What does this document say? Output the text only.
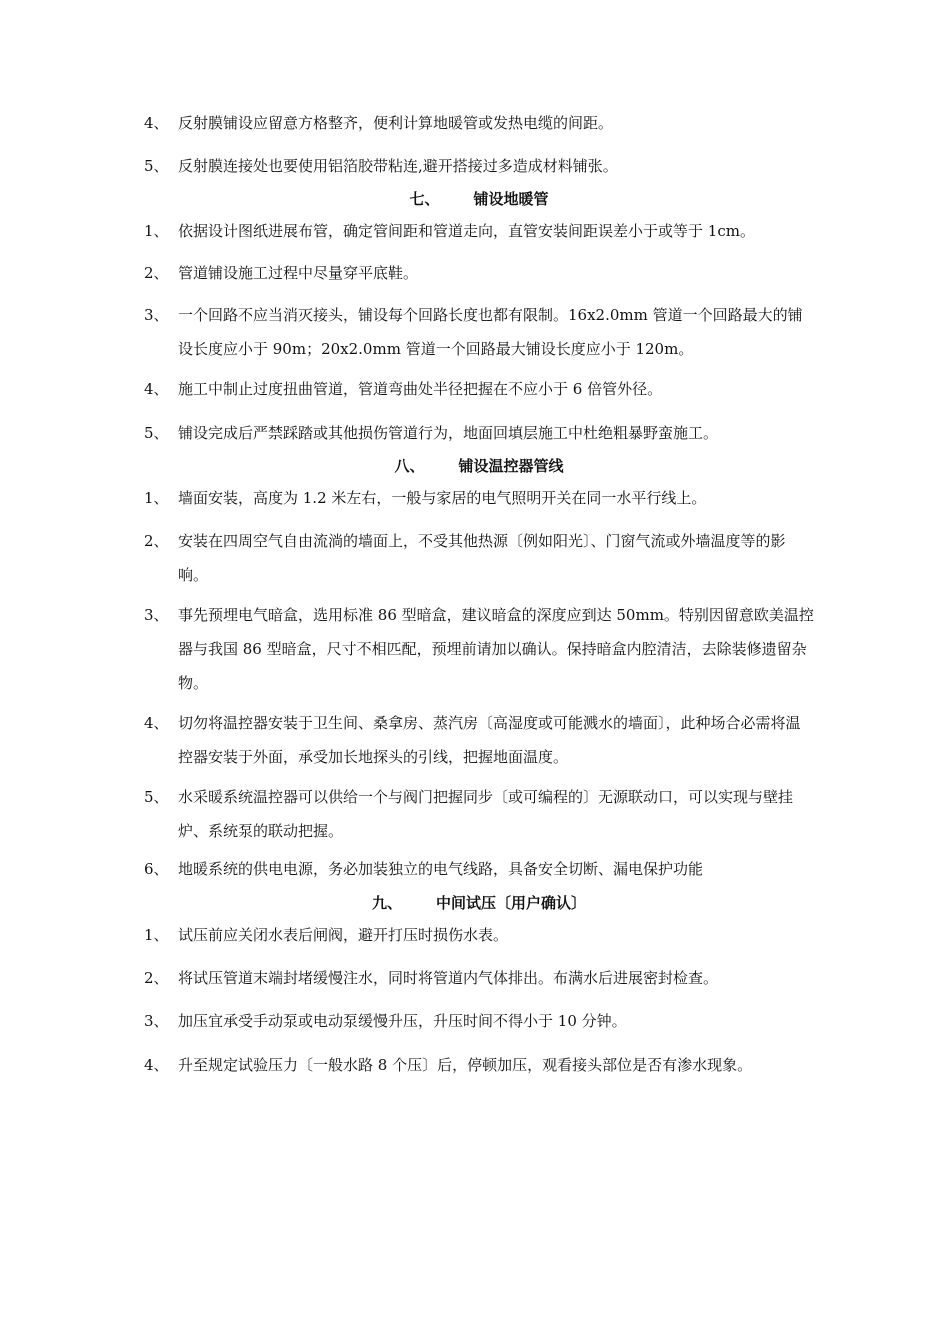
4、 反射膜铺设应留意方格整齐，便利计算地暖管或发热电缆的间距。
5、 反射膜连接处也要使用铝箔胶带粘连,避开搭接过多造成材料铺张。
七、 铺设地暖管
1、 依据设计图纸进展布管，确定管间距和管道走向，直管安装间距误差小于或等于 1cm。
2、 管道铺设施工过程中尽量穿平底鞋。
3、 一个回路不应当消灭接头，铺设每个回路长度也都有限制。16x2.0mm 管道一个回路最大的铺设长度应小于 90m；20x2.0mm 管道一个回路最大铺设长度应小于 120m。
4、 施工中制止过度扭曲管道，管道弯曲处半径把握在不应小于 6 倍管外径。
5、 铺设完成后严禁踩踏或其他损伤管道行为，地面回填层施工中杜绝粗暴野蛮施工。
八、 铺设温控器管线
1、 墙面安装，高度为 1.2 米左右，一般与家居的电气照明开关在同一水平行线上。
2、 安装在四周空气自由流淌的墙面上，不受其他热源〔例如阳光〕、门窗气流或外墙温度等的影响。
3、 事先预埋电气暗盒，选用标准 86 型暗盒，建议暗盒的深度应到达 50mm。特别因留意欧美温控器与我国 86 型暗盒，尺寸不相匹配，预埋前请加以确认。保持暗盒内腔清洁，去除装修遗留杂物。
4、 切勿将温控器安装于卫生间、桑拿房、蒸汽房〔高湿度或可能溅水的墙面〕，此种场合必需将温控器安装于外面，承受加长地探头的引线，把握地面温度。
5、 水采暖系统温控器可以供给一个与阀门把握同步〔或可编程的〕无源联动口，可以实现与壁挂炉、系统泵的联动把握。
6、 地暖系统的供电电源，务必加装独立的电气线路，具备安全切断、漏电保护功能
九、 中间试压〔用户确认〕
1、 试压前应关闭水表后闸阀，避开打压时损伤水表。
2、 将试压管道末端封堵缓慢注水，同时将管道内气体排出。布满水后进展密封检查。
3、 加压宜承受手动泵或电动泵缓慢升压，升压时间不得小于 10 分钟。
4、 升至规定试验压力〔一般水路 8 个压〕后，停顿加压，观看接头部位是否有渗水现象。
